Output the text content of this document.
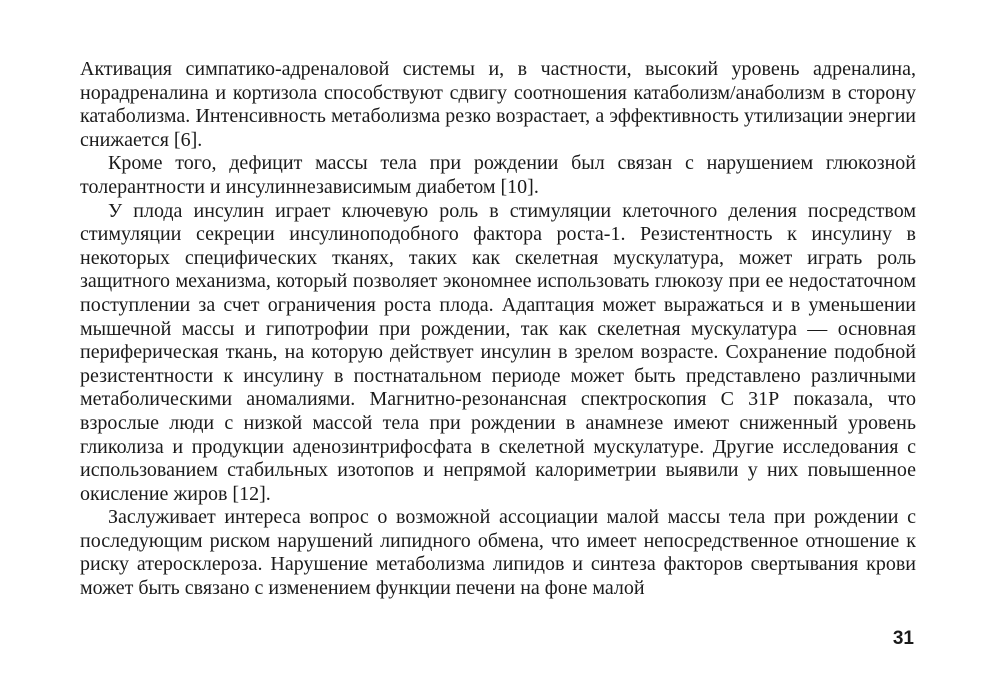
Активация симпатико-адреналовой системы и, в частности, высокий уровень адреналина, норадреналина и кортизола способствуют сдвигу соотношения катаболизм/анаболизм в сторону катаболизма. Интенсивность метаболизма резко возрастает, а эффективность утилизации энергии снижается [6].

Кроме того, дефицит массы тела при рождении был связан с нарушением глюкозной толерантности и инсулиннезависимым диабетом [10].

У плода инсулин играет ключевую роль в стимуляции клеточного деления посредством стимуляции секреции инсулиноподобного фактора роста-1. Резистентность к инсулину в некоторых специфических тканях, таких как скелетная мускулатура, может играть роль защитного механизма, который позволяет экономнее использовать глюкозу при ее недостаточном поступлении за счет ограничения роста плода. Адаптация может выражаться и в уменьшении мышечной массы и гипотрофии при рождении, так как скелетная мускулатура — основная периферическая ткань, на которую действует инсулин в зрелом возрасте. Сохранение подобной резистентности к инсулину в постнатальном периоде может быть представлено различными метаболическими аномалиями. Магнитно-резонансная спектроскопия С 31Р показала, что взрослые люди с низкой массой тела при рождении в анамнезе имеют сниженный уровень гликолиза и продукции аденозинтрифосфата в скелетной мускулатуре. Другие исследования с использованием стабильных изотопов и непрямой калориметрии выявили у них повышенное окисление жиров [12].

Заслуживает интереса вопрос о возможной ассоциации малой массы тела при рождении с последующим риском нарушений липидного обмена, что имеет непосредственное отношение к риску атеросклероза. Нарушение метаболизма липидов и синтеза факторов свертывания крови может быть связано с изменением функции печени на фоне малой

31
